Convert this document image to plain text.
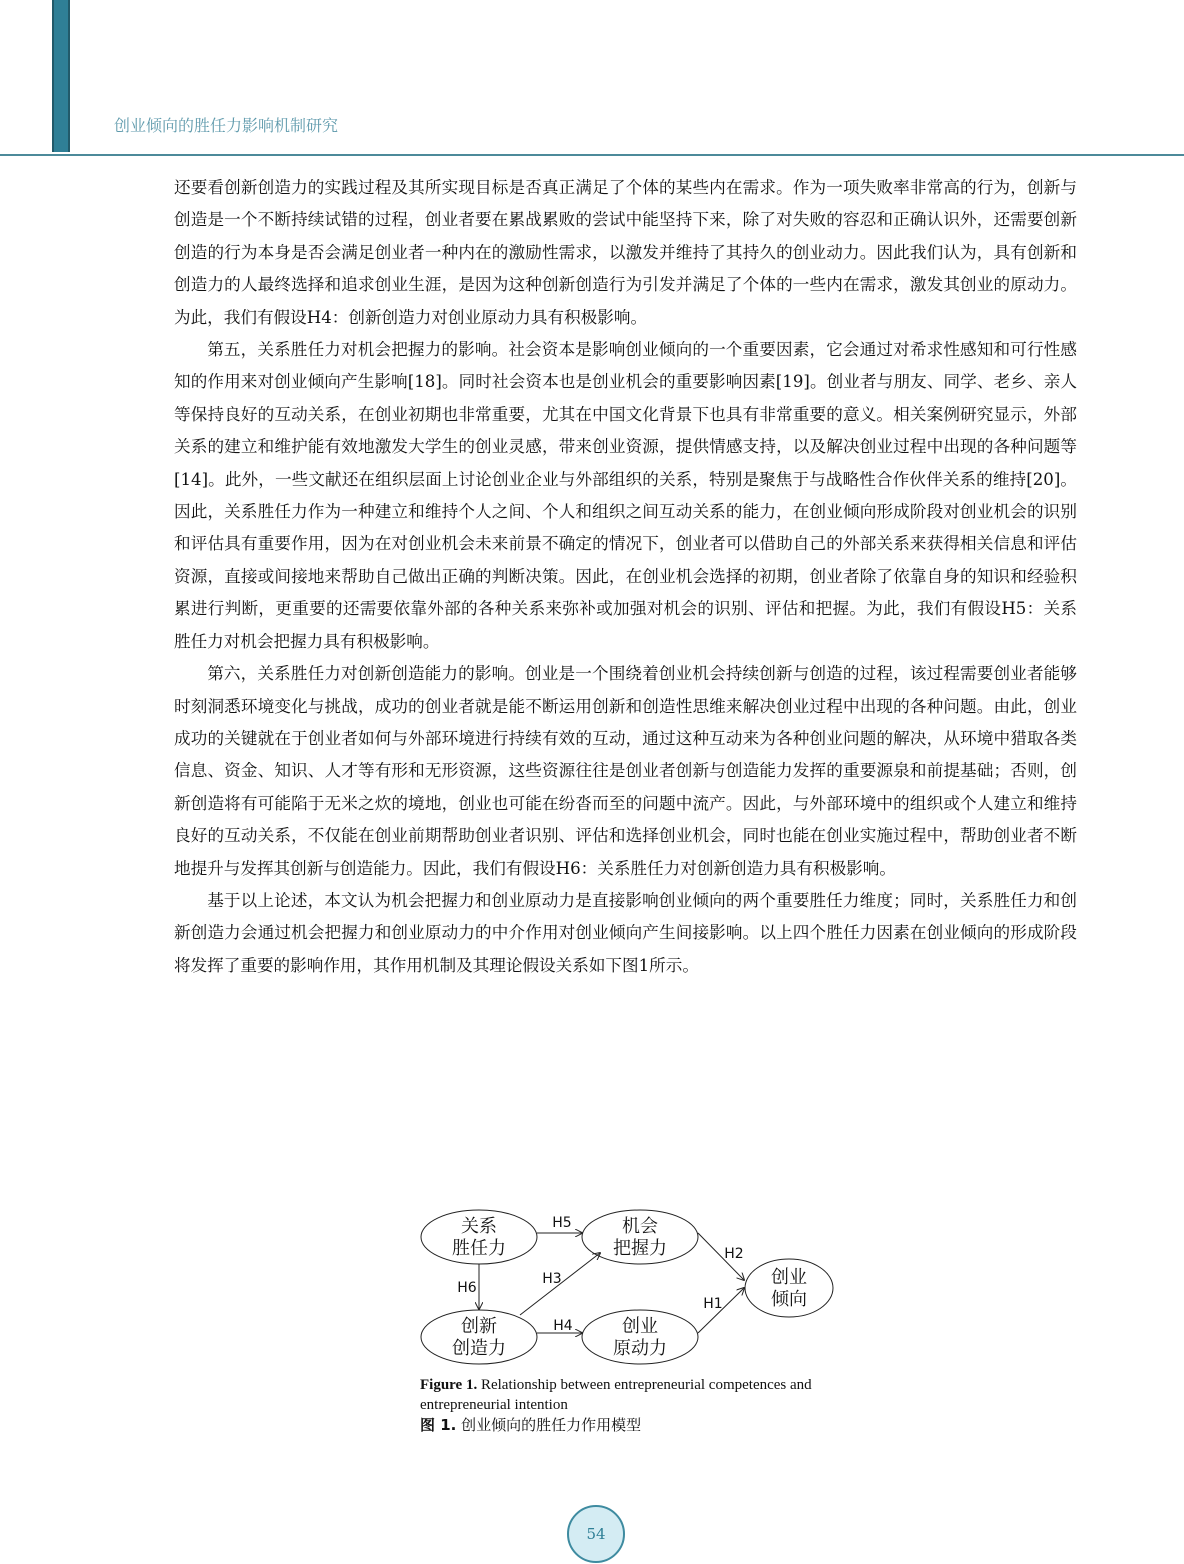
创业倾向的胜任力影响机制研究

还要看创新创造力的实践过程及其所实现目标是否真正满足了个体的某些内在需求。作为一项失败率非常高的行为，创新与创造是一个不断持续试错的过程，创业者要在累战累败的尝试中能坚持下来，除了对失败的容忍和正确认识外，还需要创新创造的行为本身是否会满足创业者一种内在的激励性需求，以激发并维持了其持久的创业动力。因此我们认为，具有创新和创造力的人最终选择和追求创业生涯，是因为这种创新创造行为引发并满足了个体的一些内在需求，激发其创业的原动力。为此，我们有假设H4：创新创造力对创业原动力具有积极影响。

第五，关系胜任力对机会把握力的影响。社会资本是影响创业倾向的一个重要因素，它会通过对希求性感知和可行性感知的作用来对创业倾向产生影响[18]。同时社会资本也是创业机会的重要影响因素[19]。创业者与朋友、同学、老乡、亲人等保持良好的互动关系，在创业初期也非常重要，尤其在中国文化背景下也具有非常重要的意义。相关案例研究显示，外部关系的建立和维护能有效地激发大学生的创业灵感，带来创业资源，提供情感支持，以及解决创业过程中出现的各种问题等[14]。此外，一些文献还在组织层面上讨论创业企业与外部组织的关系，特别是聚焦于与战略性合作伙伴关系的维持[20]。因此，关系胜任力作为一种建立和维持个人之间、个人和组织之间互动关系的能力，在创业倾向形成阶段对创业机会的识别和评估具有重要作用，因为在对创业机会未来前景不确定的情况下，创业者可以借助自己的外部关系来获得相关信息和评估资源，直接或间接地来帮助自己做出正确的判断决策。因此，在创业机会选择的初期，创业者除了依靠自身的知识和经验积累进行判断，更重要的还需要依靠外部的各种关系来弥补或加强对机会的识别、评估和把握。为此，我们有假设H5：关系胜任力对机会把握力具有积极影响。

第六，关系胜任力对创新创造能力的影响。创业是一个围绕着创业机会持续创新与创造的过程，该过程需要创业者能够时刻洞悉环境变化与挑战，成功的创业者就是能不断运用创新和创造性思维来解决创业过程中出现的各种问题。由此，创业成功的关键就在于创业者如何与外部环境进行持续有效的互动，通过这种互动来为各种创业问题的解决，从环境中猎取各类信息、资金、知识、人才等有形和无形资源，这些资源往往是创业者创新与创造能力发挥的重要源泉和前提基础；否则，创新创造将有可能陷于无米之炊的境地，创业也可能在纷沓而至的问题中流产。因此，与外部环境中的组织或个人建立和维持良好的互动关系，不仅能在创业前期帮助创业者识别、评估和选择创业机会，同时也能在创业实施过程中，帮助创业者不断地提升与发挥其创新与创造能力。因此，我们有假设H6：关系胜任力对创新创造力具有积极影响。

基于以上论述，本文认为机会把握力和创业原动力是直接影响创业倾向的两个重要胜任力维度；同时，关系胜任力和创新创造力会通过机会把握力和创业原动力的中介作用对创业倾向产生间接影响。以上四个胜任力因素在创业倾向的形成阶段将发挥了重要的影响作用，其作用机制及其理论假设关系如下图1所示。

关系
胜任力
机会
把握力
创新
创造力
创业
原动力
创业
倾向
H5
H6
H3
H4
H2
H1
Figure 1. Relationship between entrepreneurial competences and entrepreneurial intention
图 1. 创业倾向的胜任力作用模型
54
